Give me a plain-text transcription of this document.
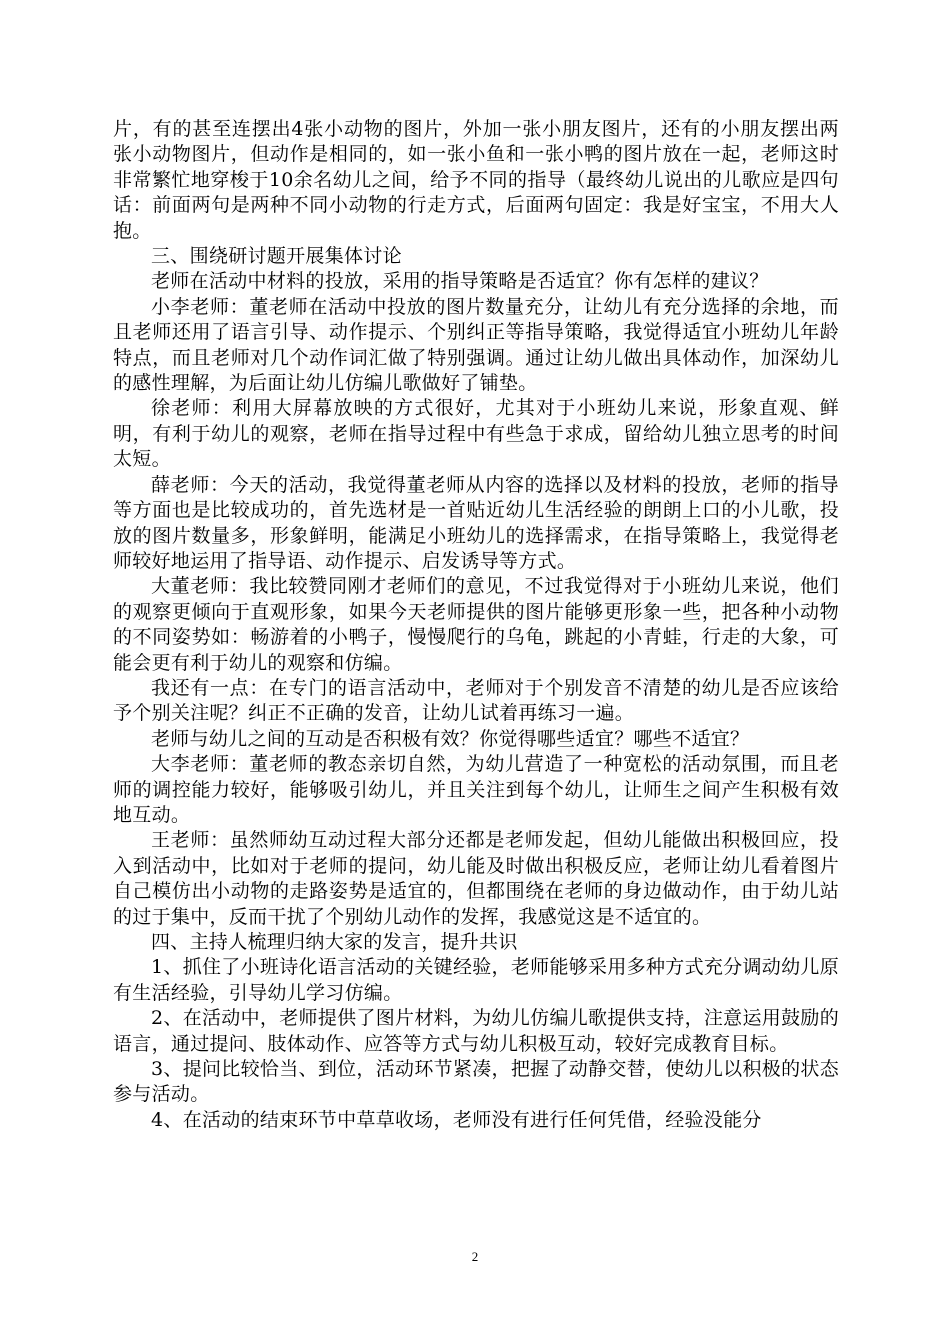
片，有的甚至连摆出4张小动物的图片，外加一张小朋友图片，还有的小朋友摆出两张小动物图片，但动作是相同的，如一张小鱼和一张小鸭的图片放在一起，老师这时非常繁忙地穿梭于10余名幼儿之间，给予不同的指导（最终幼儿说出的儿歌应是四句话：前面两句是两种不同小动物的行走方式，后面两句固定：我是好宝宝，不用大人抱。

三、围绕研讨题开展集体讨论

老师在活动中材料的投放，采用的指导策略是否适宜？你有怎样的建议？

小李老师：董老师在活动中投放的图片数量充分，让幼儿有充分选择的余地，而且老师还用了语言引导、动作提示、个别纠正等指导策略，我觉得适宜小班幼儿年龄特点，而且老师对几个动作词汇做了特别强调。通过让幼儿做出具体动作，加深幼儿的感性理解，为后面让幼儿仿编儿歌做好了铺垫。

徐老师：利用大屏幕放映的方式很好，尤其对于小班幼儿来说，形象直观、鲜明，有利于幼儿的观察，老师在指导过程中有些急于求成，留给幼儿独立思考的时间太短。

薛老师：今天的活动，我觉得董老师从内容的选择以及材料的投放，老师的指导等方面也是比较成功的，首先选材是一首贴近幼儿生活经验的朗朗上口的小儿歌，投放的图片数量多，形象鲜明，能满足小班幼儿的选择需求，在指导策略上，我觉得老师较好地运用了指导语、动作提示、启发诱导等方式。

大董老师：我比较赞同刚才老师们的意见，不过我觉得对于小班幼儿来说，他们的观察更倾向于直观形象，如果今天老师提供的图片能够更形象一些，把各种小动物的不同姿势如：畅游着的小鸭子，慢慢爬行的乌龟，跳起的小青蛙，行走的大象，可能会更有利于幼儿的观察和仿编。

我还有一点：在专门的语言活动中，老师对于个别发音不清楚的幼儿是否应该给予个别关注呢？纠正不正确的发音，让幼儿试着再练习一遍。

老师与幼儿之间的互动是否积极有效？你觉得哪些适宜？哪些不适宜？

大李老师：董老师的教态亲切自然，为幼儿营造了一种宽松的活动氛围，而且老师的调控能力较好，能够吸引幼儿，并且关注到每个幼儿，让师生之间产生积极有效地互动。

王老师：虽然师幼互动过程大部分还都是老师发起，但幼儿能做出积极回应，投入到活动中，比如对于老师的提问，幼儿能及时做出积极反应，老师让幼儿看着图片自己模仿出小动物的走路姿势是适宜的，但都围绕在老师的身边做动作，由于幼儿站的过于集中，反而干扰了个别幼儿动作的发挥，我感觉这是不适宜的。

四、主持人梳理归纳大家的发言，提升共识

1、抓住了小班诗化语言活动的关键经验，老师能够采用多种方式充分调动幼儿原有生活经验，引导幼儿学习仿编。

2、在活动中，老师提供了图片材料，为幼儿仿编儿歌提供支持，注意运用鼓励的语言，通过提问、肢体动作、应答等方式与幼儿积极互动，较好完成教育目标。

3、提问比较恰当、到位，活动环节紧凑，把握了动静交替，使幼儿以积极的状态参与活动。

4、在活动的结束环节中草草收场，老师没有进行任何凭借，经验没能分

2
